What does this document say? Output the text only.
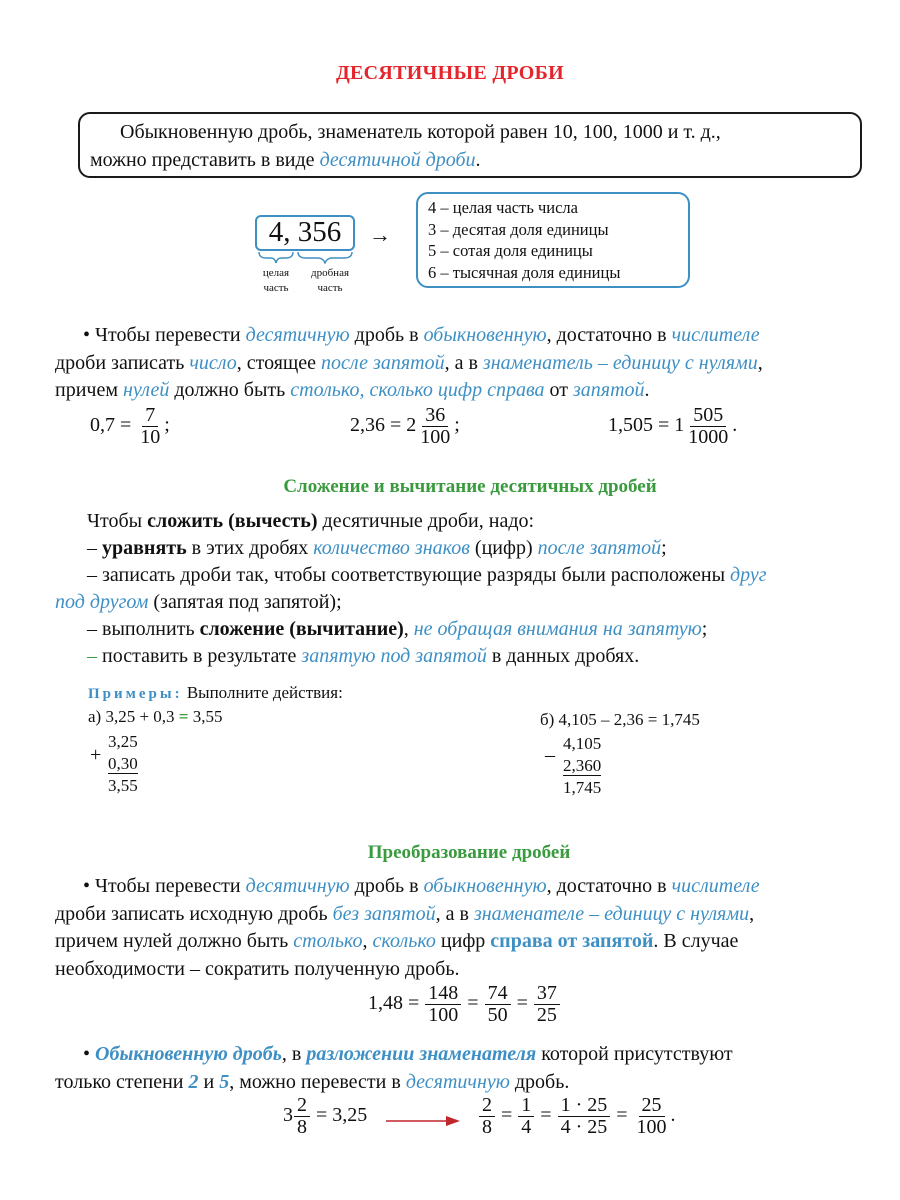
ДЕСЯТИЧНЫЕ ДРОБИ
Обыкновенную дробь, знаменатель которой равен 10, 100, 1000 и т. д.,
можно представить в виде десятичной дроби.
4, 356	→
целая
часть
дробная
часть
4 – целая часть числа
3 – десятая доля единицы
5 – сотая доля единицы
6 – тысячная доля единицы
• Чтобы перевести десятичную дробь в обыкновенную, достаточно в числителе
дроби записать число, стоящее после запятой, а в знаменатель – единицу с нулями,
причем нулей должно быть столько, сколько цифр справа от запятой.
$0,7 = \frac{7}{10}$ ;	$2,36 = 2 \frac{36}{100}$ ;	$1,505 = 1 \frac{505}{1000}$ .
Сложение и вычитание десятичных дробей
Чтобы сложить (вычесть) десятичные дроби, надо:
– уравнять в этих дробях количество знаков (цифр) после запятой;
– записать дроби так, чтобы соответствующие разряды были расположены друг
под другом (запятая под запятой);
– выполнить сложение (вычитание), не обращая внимания на запятую;
– поставить в результате запятую под запятой в данных дробях.
Примеры: Выполните действия:
а) 3,25 + 0,3 = 3,55
+
3,25
0,30
3,55
б) 4,105 – 2,36 = 1,745
–
4,105
2,360
1,745
Преобразование дробей
• Чтобы перевести десятичную дробь в обыкновенную, достаточно в числителе
дроби записать исходную дробь без запятой, а в знаменателе – единицу с нулями,
причем нулей должно быть столько, сколько цифр справа от запятой. В случае
необходимости – сократить полученную дробь.
$1,48 = \frac{148}{100} = \frac{74}{50} = \frac{37}{25}$
• Обыкновенную дробь, в разложении знаменателя которой присутствуют
только степени 2 и 5, можно перевести в десятичную дробь.
$3 \frac{2}{8} = 3,25$	$\frac{2}{8} = \frac{1}{4} = \frac{1 \cdot 25}{4 \cdot 25} = \frac{25}{100}$ .
